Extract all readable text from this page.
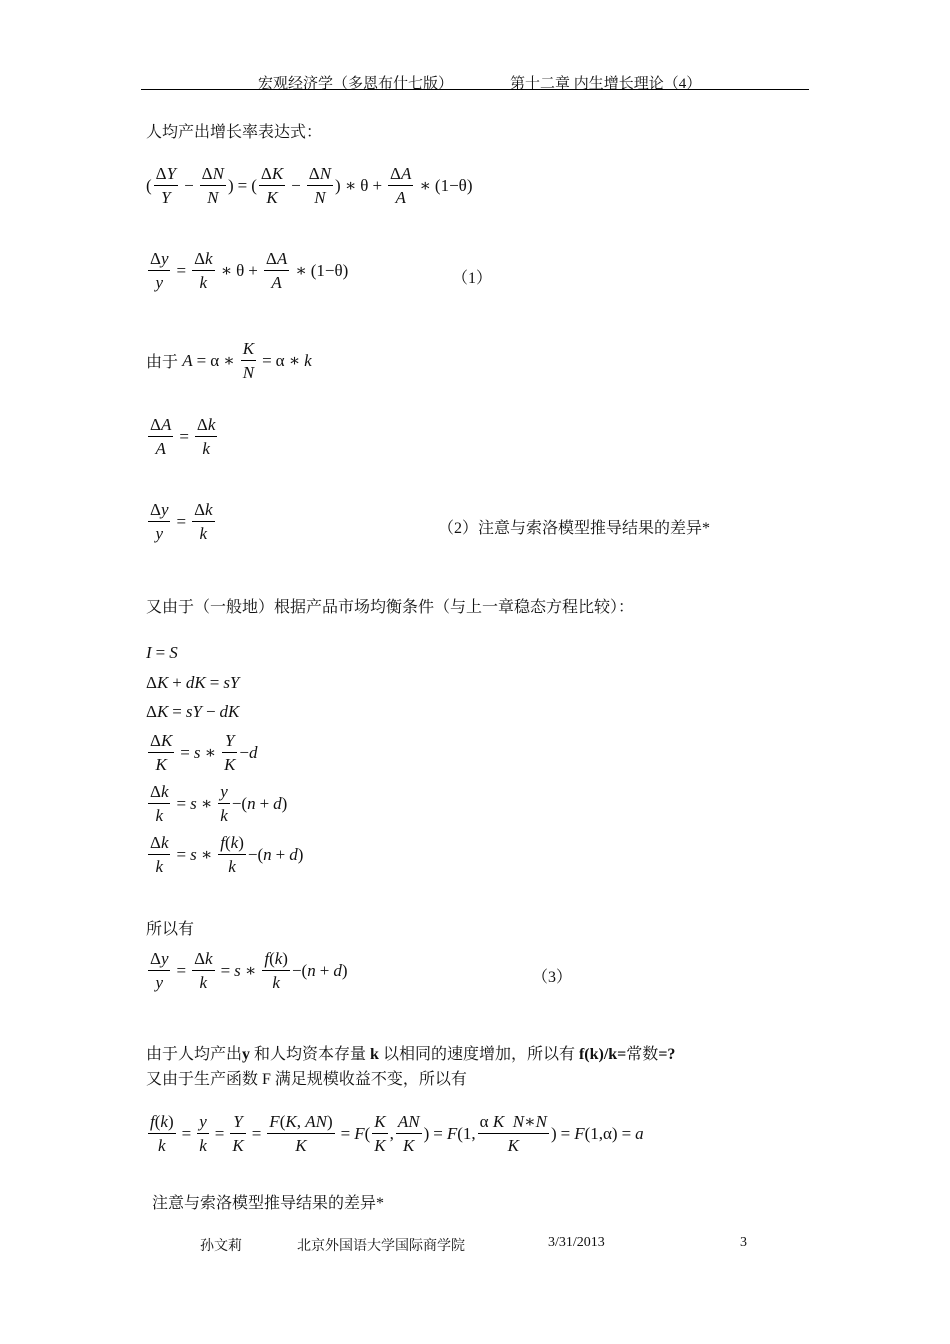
宏观经济学（多恩布什七版）	第十二章 内生增长理论（4）
人均产出增长率表达式：
( $\frac{\Delta Y}{Y} - \frac{\Delta N}{N}$ ) = ( $\frac{\Delta K}{K} - \frac{\Delta N}{N}$ ) ∗ $\theta + \frac{\Delta A}{A}$ ∗ (1−θ)
$\frac{\Delta y}{y} = \frac{\Delta k}{k}$ ∗ $\theta + \frac{\Delta A}{A}$ ∗ (1−θ)	（1）
由于
A = α ∗ $\frac{K}{N} = \alpha$ ∗ k
$\frac{\Delta A}{A} = \frac{\Delta k}{k}$
$\frac{\Delta y}{y} = \frac{\Delta k}{k}$	（2）注意与索洛模型推导结果的差异*
又由于（一般地）根据产品市场均衡条件（与上一章稳态方程比较）：
I = S
ΔK + dK = sY
ΔK = sY − dK
$\frac{\Delta K}{K} = s$ ∗ $\frac{Y}{K} - d$
$\frac{\Delta k}{k} = s$ ∗ $\frac{y}{k}$ −( n + d )
$\frac{\Delta k}{k} = s$ ∗ $\frac{f(k)}{k}$ −( n + d )
所以有
$\frac{\Delta y}{y} = \frac{\Delta k}{k} = s$ ∗ $\frac{f(k)}{k}$ −( n + d )	（3）
由于人均产出y 和人均资本存量 k 以相同的速度增加，所以有 f(k)/k=常数=?
又由于生产函数 F 满足规模收益不变，所以有
$\frac{f(k)}{k} = \frac{y}{k} = \frac{Y}{K} = \frac{F(K, AN)}{K} = F$ ( $\frac{K}{K}$ , $\frac{AN}{K}$ ) = F (1, $\frac{\text{α K N∗N}}{K}$ ) = F (1,α) = a
注意与索洛模型推导结果的差异*
孙文莉	北京外国语大学国际商学院	3/31/2013	3
